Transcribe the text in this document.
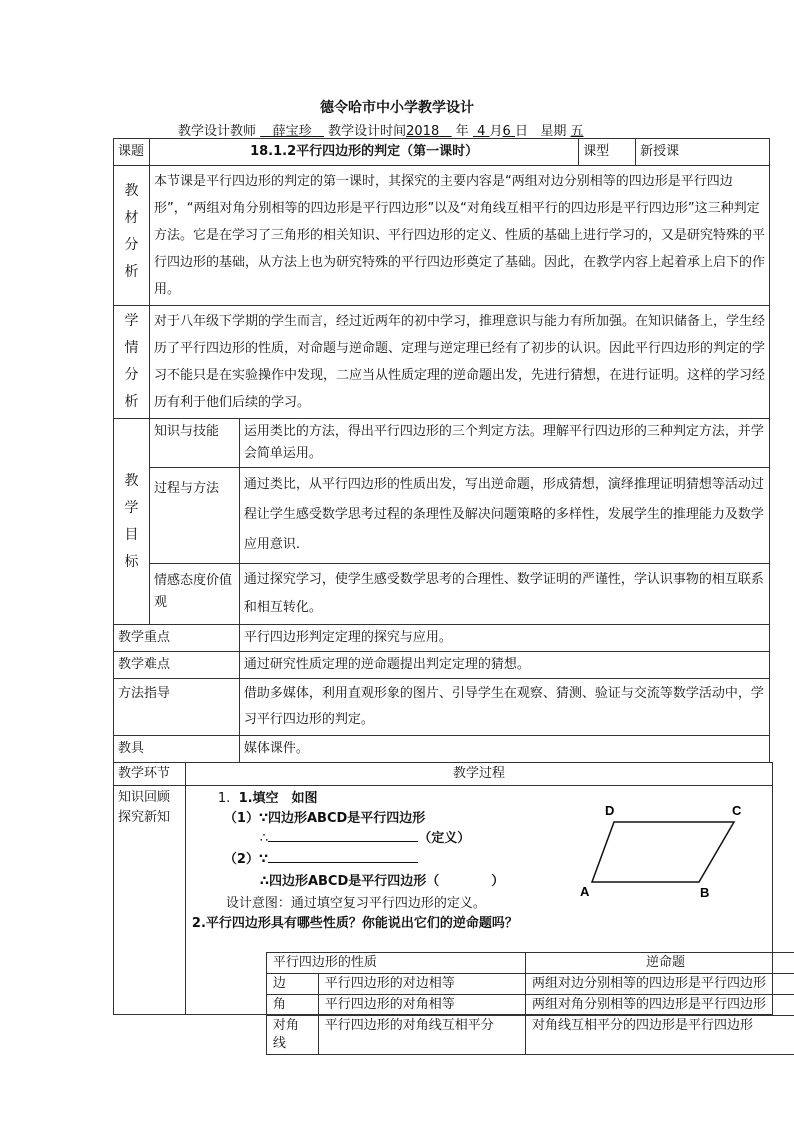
德令哈市中小学教学设计
教学设计教师 薛宝珍 教学设计时间2018 年 4 月6 日 星期 五
课题	18.1.2平行四边形的判定（第一课时）		课型	新授课
教材分析	本节课是平行四边形的判定的第一课时，其探究的主要内容是“两组对边分别相等的四边形是平行四边形”，“两组对角分别相等的四边形是平行四边形”以及“对角线互相平行的四边形是平行四边形”这三种判定方法。它是在学习了三角形的相关知识、平行四边形的定义、性质的基础上进行学习的，又是研究特殊的平行四边形的基础，从方法上也为研究特殊的平行四边形奠定了基础。因此，在教学内容上起着承上启下的作用。			
学情分析	对于八年级下学期的学生而言，经过近两年的初中学习，推理意识与能力有所加强。在知识储备上，学生经历了平行四边形的性质，对命题与逆命题、定理与逆定理已经有了初步的认识。因此平行四边形的判定的学习不能只是在实验操作中发现，二应当从性质定理的逆命题出发，先进行猜想，在进行证明。这样的学习经历有利于他们后续的学习。			
教学目标	知识与技能	运用类比的方法，得出平行四边形的三个判定方法。理解平行四边形的三种判定方法，并学会简单运用。		
	过程与方法	通过类比，从平行四边形的性质出发，写出逆命题，形成猜想，演绎推理证明猜想等活动过程让学生感受数学思考过程的条理性及解决问题策略的多样性，发展学生的推理能力及数学应用意识.		
	情感态度价值观	通过探究学习，使学生感受数学思考的合理性、数学证明的严谨性，学认识事物的相互联系和相互转化。		
教学重点		平行四边形判定定理的探究与应用。		
教学难点		通过研究性质定理的逆命题提出判定定理的猜想。		
方法指导		借助多媒体，利用直观形象的图片、引导学生在观察、猜测、验证与交流等数学活动中，学习平行四边形的判定。		
教具		媒体课件。		
教学环节	教学过程
知识回顾探究新知	
1. 1.填空　如图
（1）∵四边形ABCD是平行四边形
∴	（定义）
（2）∵
∴四边形ABCD是平行四边形（　　　　）
设计意图：通过填空复习平行四边形的定义。
2.平行四边形具有哪些性质？你能说出它们的逆命题吗？
D	C
A	B
平行四边形的性质	逆命题
边	平行四边形的对边相等	两组对边分别相等的四边形是平行四边形
角	平行四边形的对角相等	两组对角分别相等的四边形是平行四边形
对角线	平行四边形的对角线互相平分	对角线互相平分的四边形是平行四边形
